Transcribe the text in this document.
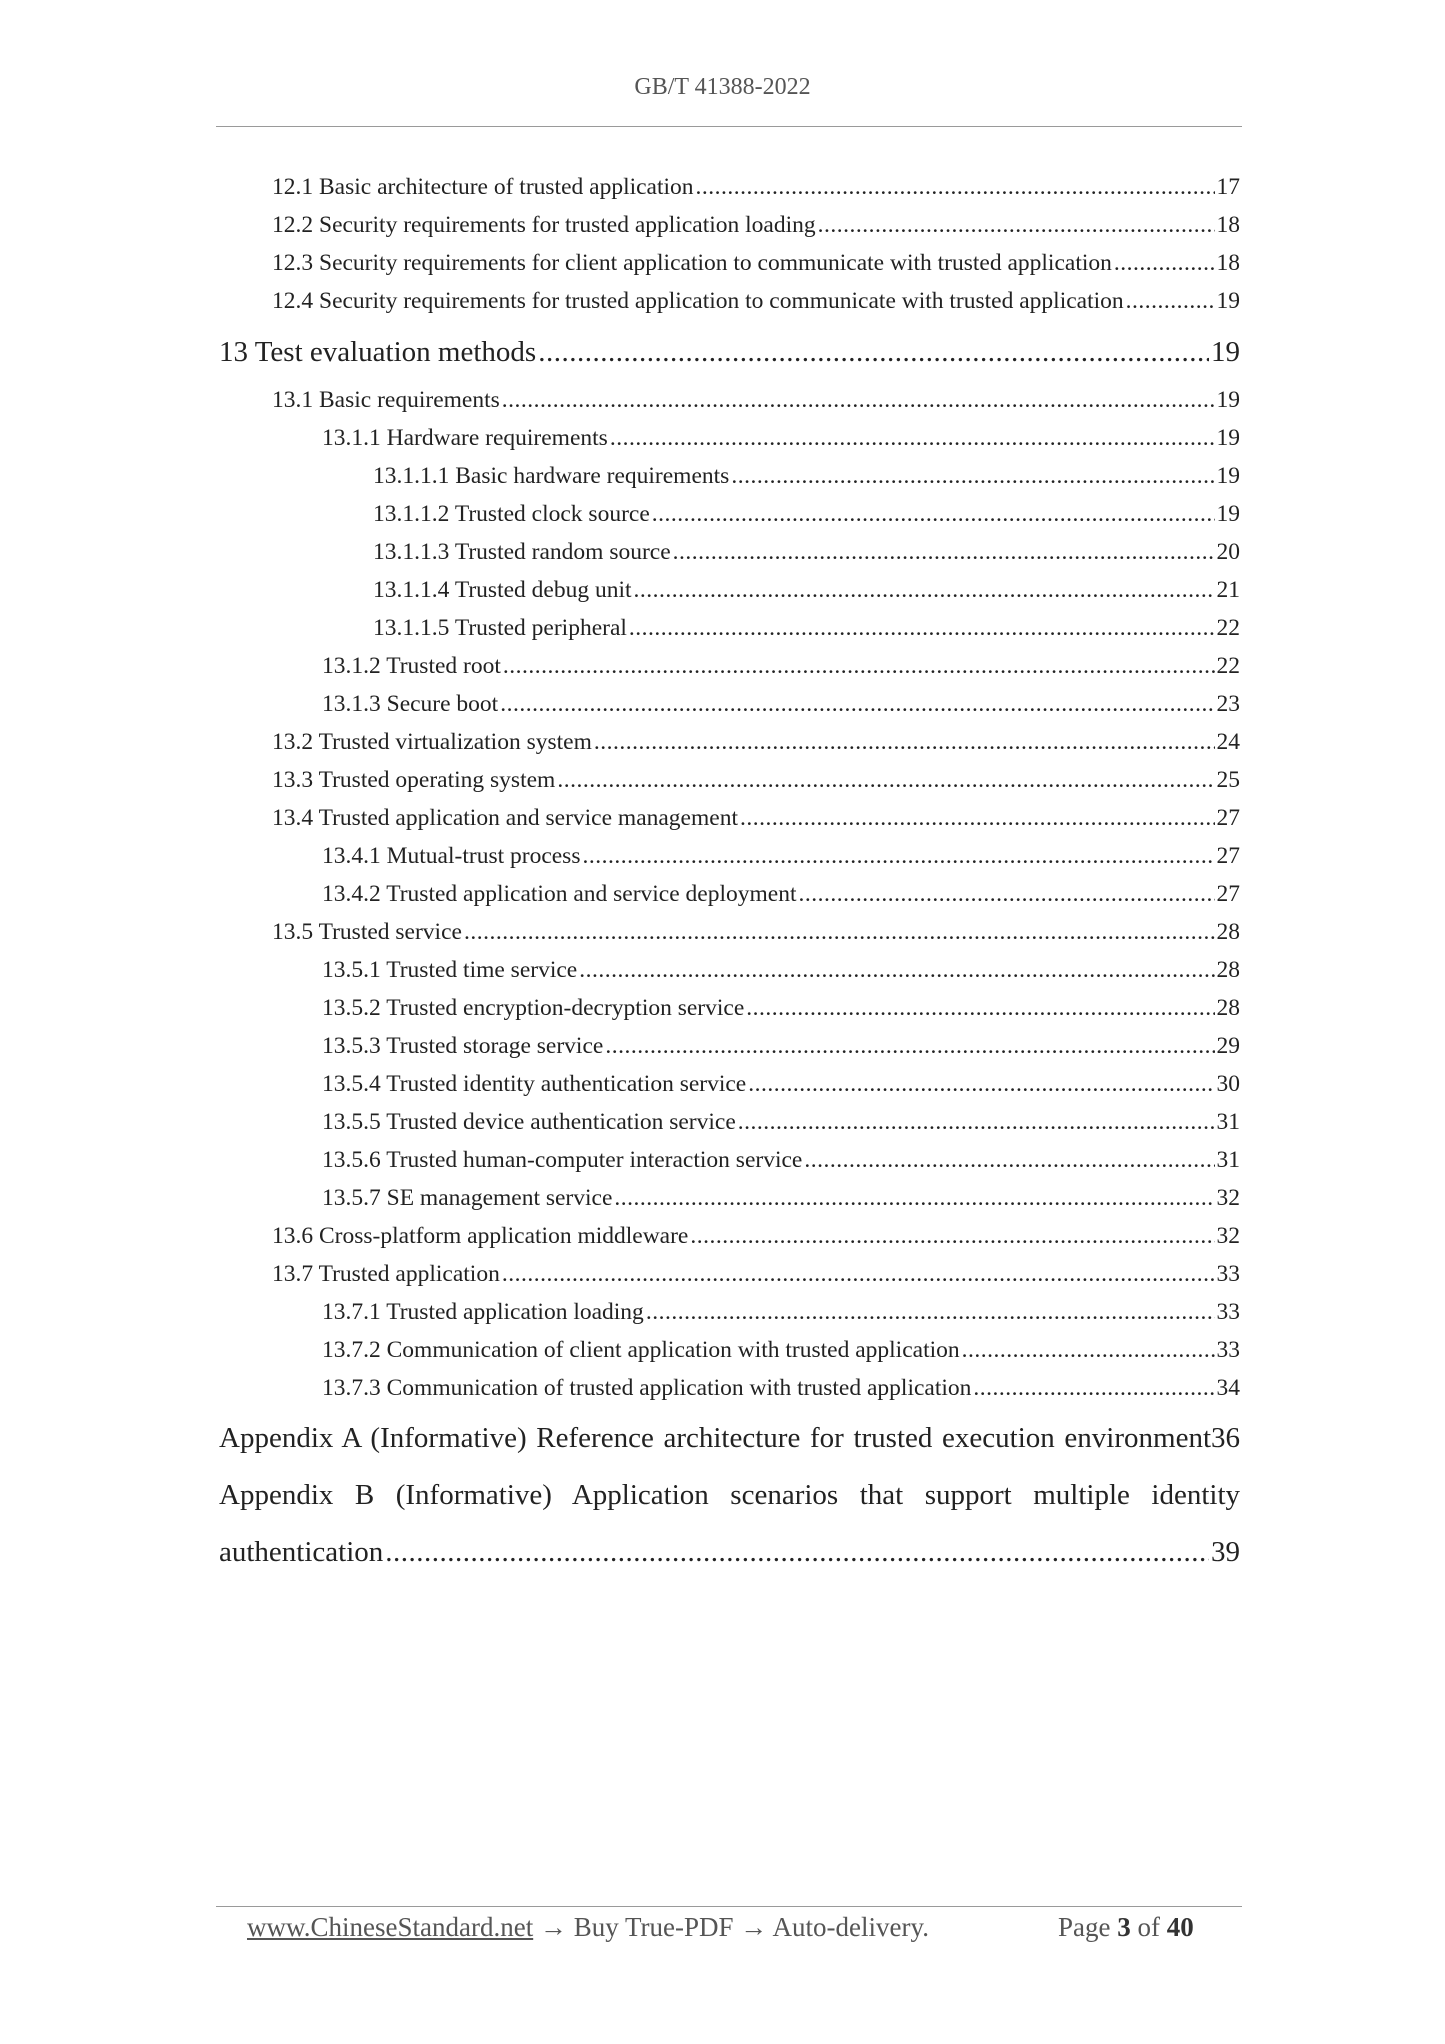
GB/T 41388-2022
12.1 Basic architecture of trusted application .....	17
12.2 Security requirements for trusted application loading .....	18
12.3 Security requirements for client application to communicate with trusted application .....	18
12.4 Security requirements for trusted application to communicate with trusted application .....	19
13 Test evaluation methods .....	19
13.1 Basic requirements .....	19
13.1.1 Hardware requirements .....	19
13.1.1.1 Basic hardware requirements .....	19
13.1.1.2 Trusted clock source .....	19
13.1.1.3 Trusted random source .....	20
13.1.1.4 Trusted debug unit .....	21
13.1.1.5 Trusted peripheral .....	22
13.1.2 Trusted root .....	22
13.1.3 Secure boot .....	23
13.2 Trusted virtualization system .....	24
13.3 Trusted operating system .....	25
13.4 Trusted application and service management .....	27
13.4.1 Mutual-trust process .....	27
13.4.2 Trusted application and service deployment .....	27
13.5 Trusted service .....	28
13.5.1 Trusted time service .....	28
13.5.2 Trusted encryption-decryption service .....	28
13.5.3 Trusted storage service .....	29
13.5.4 Trusted identity authentication service .....	30
13.5.5 Trusted device authentication service .....	31
13.5.6 Trusted human-computer interaction service .....	31
13.5.7 SE management service .....	32
13.6 Cross-platform application middleware .....	32
13.7 Trusted application .....	33
13.7.1 Trusted application loading .....	33
13.7.2 Communication of client application with trusted application .....	33
13.7.3 Communication of trusted application with trusted application .....	34
Appendix A (Informative) Reference architecture for trusted execution environment36
Appendix B (Informative) Application scenarios that support multiple identity
authentication .....	39
www.ChineseStandard.net → Buy True-PDF → Auto-delivery.	Page 3 of 40
